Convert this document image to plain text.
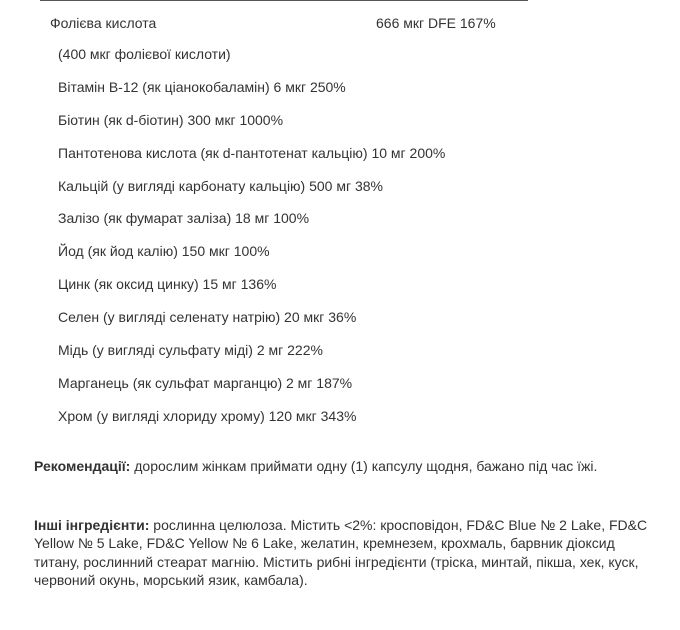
Фолієва кислота	666 мкг DFE 167%
(400 мкг фолієвої кислоти)
Вітамін B-12 (як ціанокобаламін) 6 мкг 250%
Біотин (як d-біотин) 300 мкг 1000%
Пантотенова кислота (як d-пантотенат кальцію) 10 мг 200%
Кальцій (у вигляді карбонату кальцію) 500 мг 38%
Залізо (як фумарат заліза) 18 мг 100%
Йод (як йод калію) 150 мкг 100%
Цинк (як оксид цинку) 15 мг 136%
Селен (у вигляді селенату натрію) 20 мкг 36%
Мідь (у вигляді сульфату міді) 2 мг 222%
Марганець (як сульфат марганцю) 2 мг 187%
Хром (у вигляді хлориду хрому) 120 мкг 343%

Рекомендації: дорослим жінкам приймати одну (1) капсулу щодня, бажано під час їжі.

Інші інгредієнти: рослинна целюлоза. Містить <2%: кросповідон, FD&C Blue № 2 Lake, FD&C Yellow № 5 Lake, FD&C Yellow № 6 Lake, желатин, кремнезем, крохмаль, барвник діоксид титану, рослинний стеарат магнію. Містить рибні інгредієнти (тріска, минтай, пікша, хек, куск, червоний окунь, морський язик, камбала).
